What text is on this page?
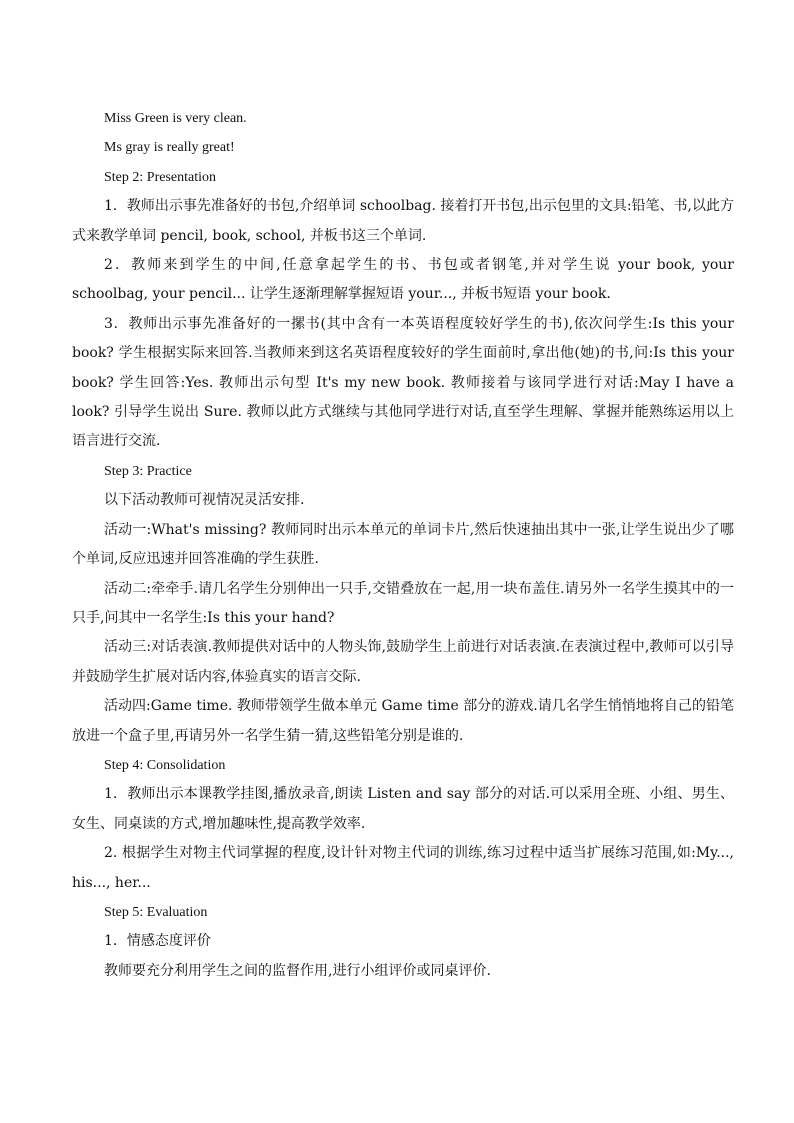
Miss Green is very clean.

Ms gray is really great!

Step 2: Presentation

1．教师出示事先准备好的书包,介绍单词 schoolbag. 接着打开书包,出示包里的文具:铅笔、书,以此方式来教学单词 pencil, book, school, 并板书这三个单词.

2．教师来到学生的中间,任意拿起学生的书、书包或者钢笔,并对学生说 your book, your schoolbag, your pencil... 让学生逐渐理解掌握短语 your..., 并板书短语 your book.

3．教师出示事先准备好的一摞书(其中含有一本英语程度较好学生的书),依次问学生:Is this your book? 学生根据实际来回答.当教师来到这名英语程度较好的学生面前时,拿出他(她)的书,问:Is this your book? 学生回答:Yes. 教师出示句型 It's my new book. 教师接着与该同学进行对话:May I have a look? 引导学生说出 Sure. 教师以此方式继续与其他同学进行对话,直至学生理解、掌握并能熟练运用以上语言进行交流.

Step 3: Practice

以下活动教师可视情况灵活安排.

活动一:What's missing? 教师同时出示本单元的单词卡片,然后快速抽出其中一张,让学生说出少了哪个单词,反应迅速并回答准确的学生获胜.

活动二:牵牵手.请几名学生分别伸出一只手,交错叠放在一起,用一块布盖住.请另外一名学生摸其中的一只手,问其中一名学生:Is this your hand?

活动三:对话表演.教师提供对话中的人物头饰,鼓励学生上前进行对话表演.在表演过程中,教师可以引导并鼓励学生扩展对话内容,体验真实的语言交际.

活动四:Game time. 教师带领学生做本单元 Game time 部分的游戏.请几名学生悄悄地将自己的铅笔放进一个盒子里,再请另外一名学生猜一猜,这些铅笔分别是谁的.

Step 4: Consolidation

1．教师出示本课教学挂图,播放录音,朗读 Listen and say 部分的对话.可以采用全班、小组、男生、女生、同桌读的方式,增加趣味性,提高教学效率.

2. 根据学生对物主代词掌握的程度,设计针对物主代词的训练,练习过程中适当扩展练习范围,如:My..., his..., her...

Step 5: Evaluation

1．情感态度评价

教师要充分利用学生之间的监督作用,进行小组评价或同桌评价.
